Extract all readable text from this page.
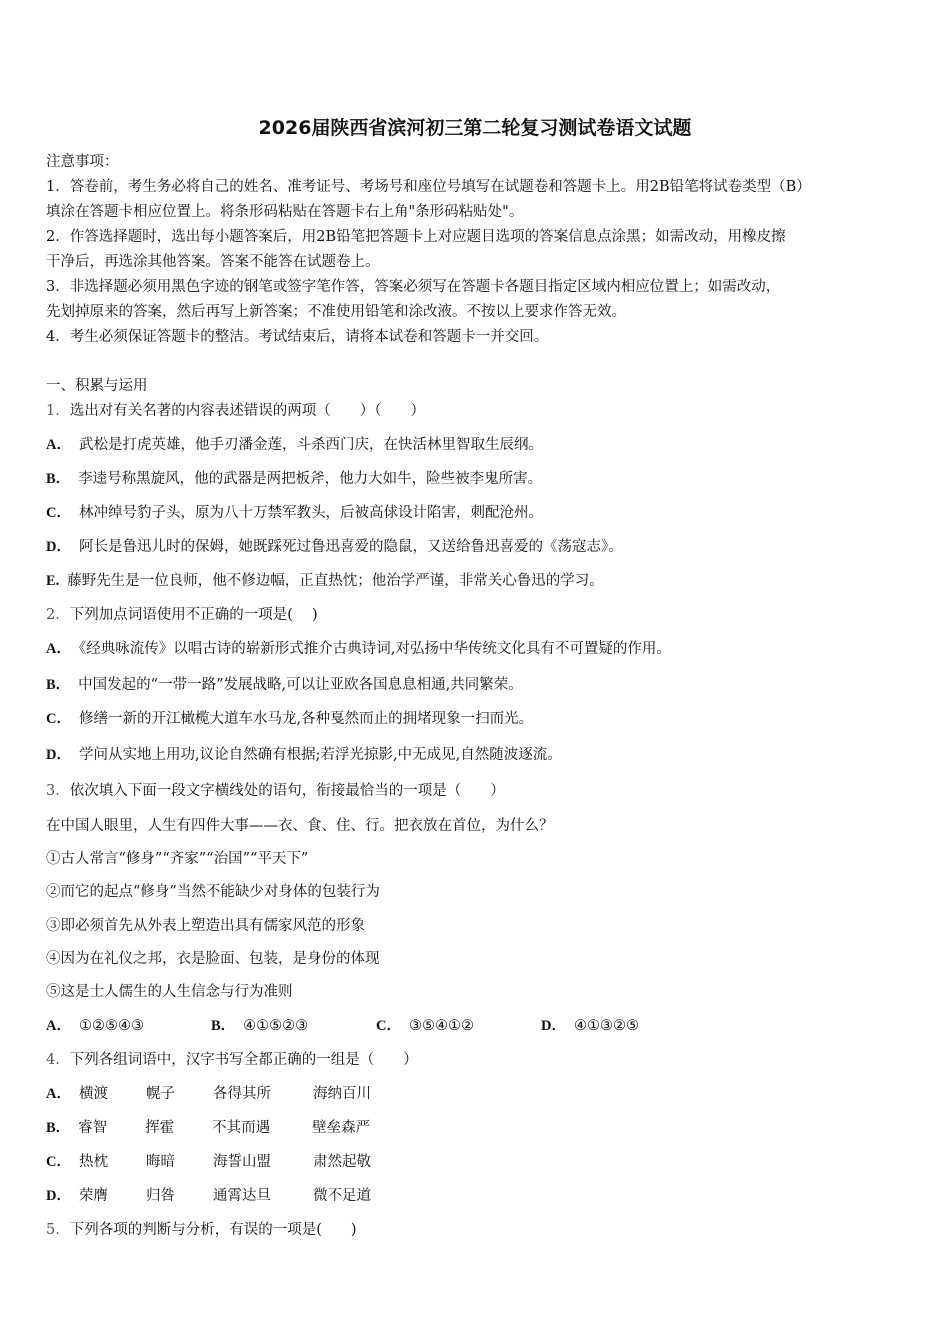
2026届陕西省滨河初三第二轮复习测试卷语文试题
注意事项：
1．答卷前，考生务必将自己的姓名、准考证号、考场号和座位号填写在试题卷和答题卡上。用2B铅笔将试卷类型（B）
填涂在答题卡相应位置上。将条形码粘贴在答题卡右上角"条形码粘贴处"。
2．作答选择题时，选出每小题答案后，用2B铅笔把答题卡上对应题目选项的答案信息点涂黑；如需改动，用橡皮擦
干净后，再选涂其他答案。答案不能答在试题卷上。
3．非选择题必须用黑色字迹的钢笔或签字笔作答，答案必须写在答题卡各题目指定区域内相应位置上；如需改动，
先划掉原来的答案，然后再写上新答案；不准使用铅笔和涂改液。不按以上要求作答无效。
4．考生必须保证答题卡的整洁。考试结束后，请将本试卷和答题卡一并交回。
一、积累与运用
1．选出对有关名著的内容表述错误的两项（　　）（　　）
A． 武松是打虎英雄，他手刃潘金莲，斗杀西门庆，在快活林里智取生辰纲。
B． 李逵号称黑旋风，他的武器是两把板斧，他力大如牛，险些被李鬼所害。
C． 林冲绰号豹子头，原为八十万禁军教头，后被高俅设计陷害，刺配沧州。
D． 阿长是鲁迅儿时的保姆，她既踩死过鲁迅喜爱的隐鼠，又送给鲁迅喜爱的《荡寇志》。
E. 藤野先生是一位良师，他不修边幅，正直热忱；他治学严谨，非常关心鲁迅的学习。
2．下列加点词语使用不正确的一项是(　 )
A． 《经典咏流传》以唱古诗的崭新形式推介古典诗词,对弘扬中华传统文化具有不可置疑的作用。
B． 中国发起的“一带一路”发展战略,可以让亚欧各国息息相通,共同繁荣。
C． 修缮一新的开江橄榄大道车水马龙,各种戛然而止的拥堵现象一扫而光。
D． 学问从实地上用功,议论自然确有根据;若浮光掠影,中无成见,自然随波逐流。
3．依次填入下面一段文字横线处的语句，衔接最恰当的一项是（　　）
在中国人眼里，人生有四件大事——衣、食、住、行。把衣放在首位，为什么？
①古人常言“修身”“齐家”“治国”“平天下”
②而它的起点“修身”当然不能缺少对身体的包装行为
③即必须首先从外表上塑造出具有儒家风范的形象
④因为在礼仪之邦，衣是脸面、包装，是身份的体现
⑤这是士人儒生的人生信念与行为准则
A． ①②⑤④③	B． ④①⑤②③	C． ③⑤④①②	D． ④①③②⑤
4．下列各组词语中，汉字书写全都正确的一组是（　　）
A． 横渡	幌子	各得其所	海纳百川
B． 睿智	挥霍	不其而遇	壁垒森严
C． 热枕	晦暗	海誓山盟	肃然起敬
D． 荣膺	归咎	通霄达旦	微不足道
5．下列各项的判断与分析，有误的一项是(　　)
